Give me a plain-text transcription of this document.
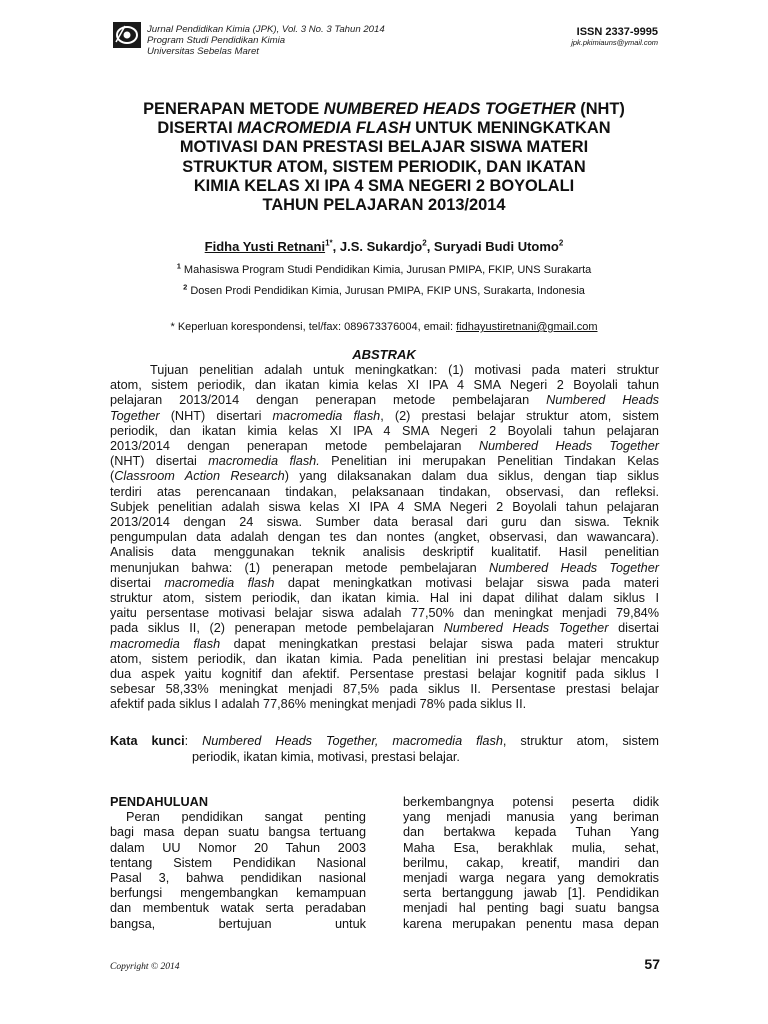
Jurnal Pendidikan Kimia (JPK), Vol. 3 No. 3 Tahun 2014
Program Studi Pendidikan Kimia
Universitas Sebelas Maret
ISSN 2337-9995
jpk.pkimiauns@ymail.com
PENERAPAN METODE NUMBERED HEADS TOGETHER (NHT)
DISERTAI MACROMEDIA FLASH UNTUK MENINGKATKAN
MOTIVASI DAN PRESTASI BELAJAR SISWA MATERI
STRUKTUR ATOM, SISTEM PERIODIK, DAN IKATAN
KIMIA KELAS XI IPA 4 SMA NEGERI 2 BOYOLALI
TAHUN PELAJARAN 2013/2014
Fidha Yusti Retnani$^{1*}$, J.S. Sukardjo$^2$, Suryadi Budi Utomo$^2$
$^1$ Mahasiswa Program Studi Pendidikan Kimia, Jurusan PMIPA, FKIP, UNS Surakarta
$^2$ Dosen Prodi Pendidikan Kimia, Jurusan PMIPA, FKIP UNS, Surakarta, Indonesia
* Keperluan korespondensi, tel/fax: 089673376004, email: fidhayustiretnani@gmail.com
ABSTRAK
Tujuan penelitian adalah untuk meningkatkan: (1) motivasi pada materi struktur
atom, sistem periodik, dan ikatan kimia kelas XI IPA 4 SMA Negeri 2 Boyolali tahun
pelajaran 2013/2014 dengan penerapan metode pembelajaran Numbered Heads
Together (NHT) disertari macromedia flash, (2) prestasi belajar struktur atom, sistem
periodik, dan ikatan kimia kelas XI IPA 4 SMA Negeri 2 Boyolali tahun pelajaran
2013/2014 dengan penerapan metode pembelajaran Numbered Heads Together
(NHT) disertai macromedia flash. Penelitian ini merupakan Penelitian Tindakan Kelas
(Classroom Action Research) yang dilaksanakan dalam dua siklus, dengan tiap siklus
terdiri atas perencanaan tindakan, pelaksanaan tindakan, observasi, dan refleksi.
Subjek penelitian adalah siswa kelas XI IPA 4 SMA Negeri 2 Boyolali tahun pelajaran
2013/2014 dengan 24 siswa. Sumber data berasal dari guru dan siswa. Teknik
pengumpulan data adalah dengan tes dan nontes (angket, observasi, dan wawancara).
Analisis data menggunakan teknik analisis deskriptif kualitatif. Hasil penelitian
menunjukan bahwa: (1) penerapan metode pembelajaran Numbered Heads Together
disertai macromedia flash dapat meningkatkan motivasi belajar siswa pada materi
struktur atom, sistem periodik, dan ikatan kimia. Hal ini dapat dilihat dalam siklus I
yaitu persentase motivasi belajar siswa adalah 77,50% dan meningkat menjadi 79,84%
pada siklus II, (2) penerapan metode pembelajaran Numbered Heads Together disertai
macromedia flash dapat meningkatkan prestasi belajar siswa pada materi struktur
atom, sistem periodik, dan ikatan kimia. Pada penelitian ini prestasi belajar mencakup
dua aspek yaitu kognitif dan afektif. Persentase prestasi belajar kognitif pada siklus I
sebesar 58,33% meningkat menjadi 87,5% pada siklus II. Persentase prestasi belajar
afektif pada siklus I adalah 77,86% meningkat menjadi 78% pada siklus II.
Kata kunci: Numbered Heads Together, macromedia flash, struktur atom, sistem
periodik, ikatan kimia, motivasi, prestasi belajar.
PENDAHULUAN
Peran pendidikan sangat penting
bagi masa depan suatu bangsa tertuang
dalam UU Nomor 20 Tahun 2003
tentang Sistem Pendidikan Nasional
Pasal 3, bahwa pendidikan nasional
berfungsi mengembangkan kemampuan
dan membentuk watak serta peradaban
bangsa, bertujuan untuk
berkembangnya potensi peserta didik
yang menjadi manusia yang beriman
dan bertakwa kepada Tuhan Yang
Maha Esa, berakhlak mulia, sehat,
berilmu, cakap, kreatif, mandiri dan
menjadi warga negara yang demokratis
serta bertanggung jawab [1]. Pendidikan
menjadi hal penting bagi suatu bangsa
karena merupakan penentu masa depan
Copyright © 2014	57
